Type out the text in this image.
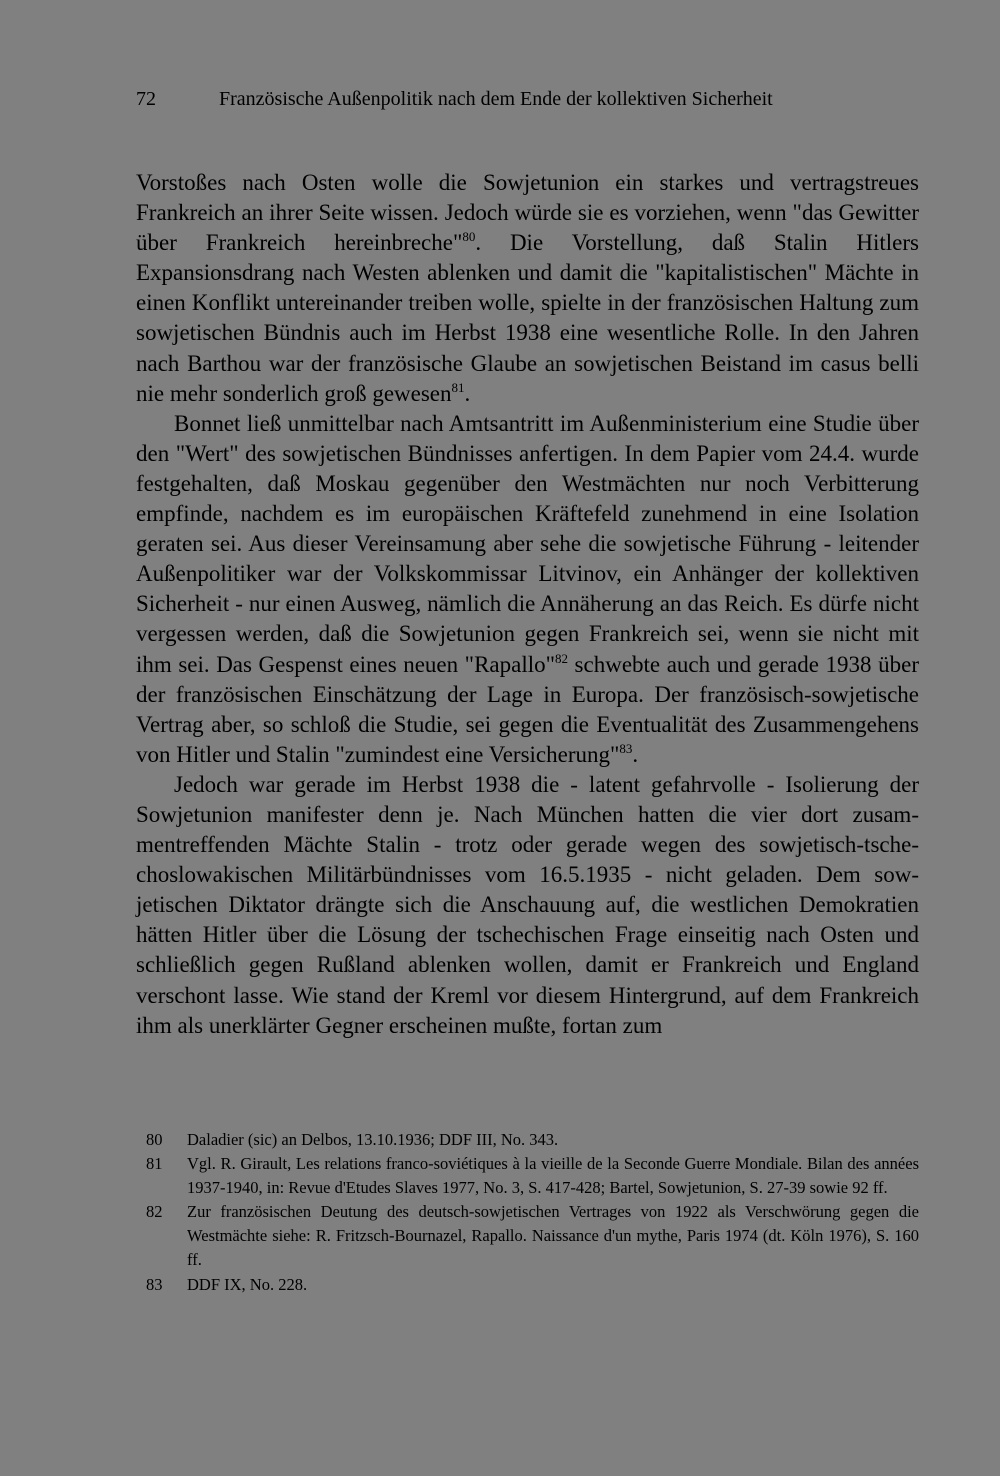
72	Französische Außenpolitik nach dem Ende der kollektiven Sicherheit

Vorstoßes nach Osten wolle die Sowjetunion ein starkes und vertragstreues Frankreich an ihrer Seite wissen. Jedoch würde sie es vorziehen, wenn "das Gewitter über Frankreich hereinbreche"$^{80}$. Die Vorstellung, daß Stalin Hitlers Expansionsdrang nach Westen ablenken und damit die "kapitalistischen" Mächte in einen Konflikt untereinander treiben wolle, spielte in der französischen Haltung zum sowjetischen Bündnis auch im Herbst 1938 eine wesentliche Rolle. In den Jahren nach Barthou war der französische Glaube an sowjetischen Beistand im casus belli nie mehr sonderlich groß gewesen$^{81}$.

Bonnet ließ unmittelbar nach Amtsantritt im Außenministerium eine Studie über den "Wert" des sowjetischen Bündnisses anfertigen. In dem Papier vom 24.4. wurde festgehalten, daß Moskau gegenüber den Westmächten nur noch Verbitterung empfinde, nachdem es im europäischen Kräftefeld zunehmend in eine Isolation geraten sei. Aus dieser Vereinsamung aber sehe die sowjetische Führung - leitender Außenpolitiker war der Volkskommissar Litvinov, ein Anhänger der kollektiven Sicherheit - nur einen Ausweg, nämlich die Annäherung an das Reich. Es dürfe nicht vergessen werden, daß die Sowjetunion gegen Frankreich sei, wenn sie nicht mit ihm sei. Das Gespenst eines neuen "Rapallo"$^{82}$ schwebte auch und gerade 1938 über der französischen Einschätzung der Lage in Europa. Der französisch-sowjetische Vertrag aber, so schloß die Studie, sei gegen die Eventualität des Zusammengehens von Hitler und Stalin "zumindest eine Versicherung"$^{83}$.

Jedoch war gerade im Herbst 1938 die - latent gefahrvolle - Isolierung der Sowjetunion manifester denn je. Nach München hatten die vier dort zusammentreffenden Mächte Stalin - trotz oder gerade wegen des sowjetisch-tschechoslowakischen Militärbündnisses vom 16.5.1935 - nicht geladen. Dem sowjetischen Diktator drängte sich die Anschauung auf, die westlichen Demokratien hätten Hitler über die Lösung der tschechischen Frage einseitig nach Osten und schließlich gegen Rußland ablenken wollen, damit er Frankreich und England verschont lasse. Wie stand der Kreml vor diesem Hintergrund, auf dem Frankreich ihm als unerklärter Gegner erscheinen mußte, fortan zum

80 Daladier (sic) an Delbos, 13.10.1936; DDF III, No. 343.
81 Vgl. R. Girault, Les relations franco-soviétiques à la vieille de la Seconde Guerre Mondiale. Bilan des années 1937-1940, in: Revue d'Etudes Slaves 1977, No. 3, S. 417-428; Bartel, Sowjetunion, S. 27-39 sowie 92 ff.
82 Zur französischen Deutung des deutsch-sowjetischen Vertrages von 1922 als Verschwörung gegen die Westmächte siehe: R. Fritzsch-Bournazel, Rapallo. Naissance d'un mythe, Paris 1974 (dt. Köln 1976), S. 160 ff.
83 DDF IX, No. 228.
